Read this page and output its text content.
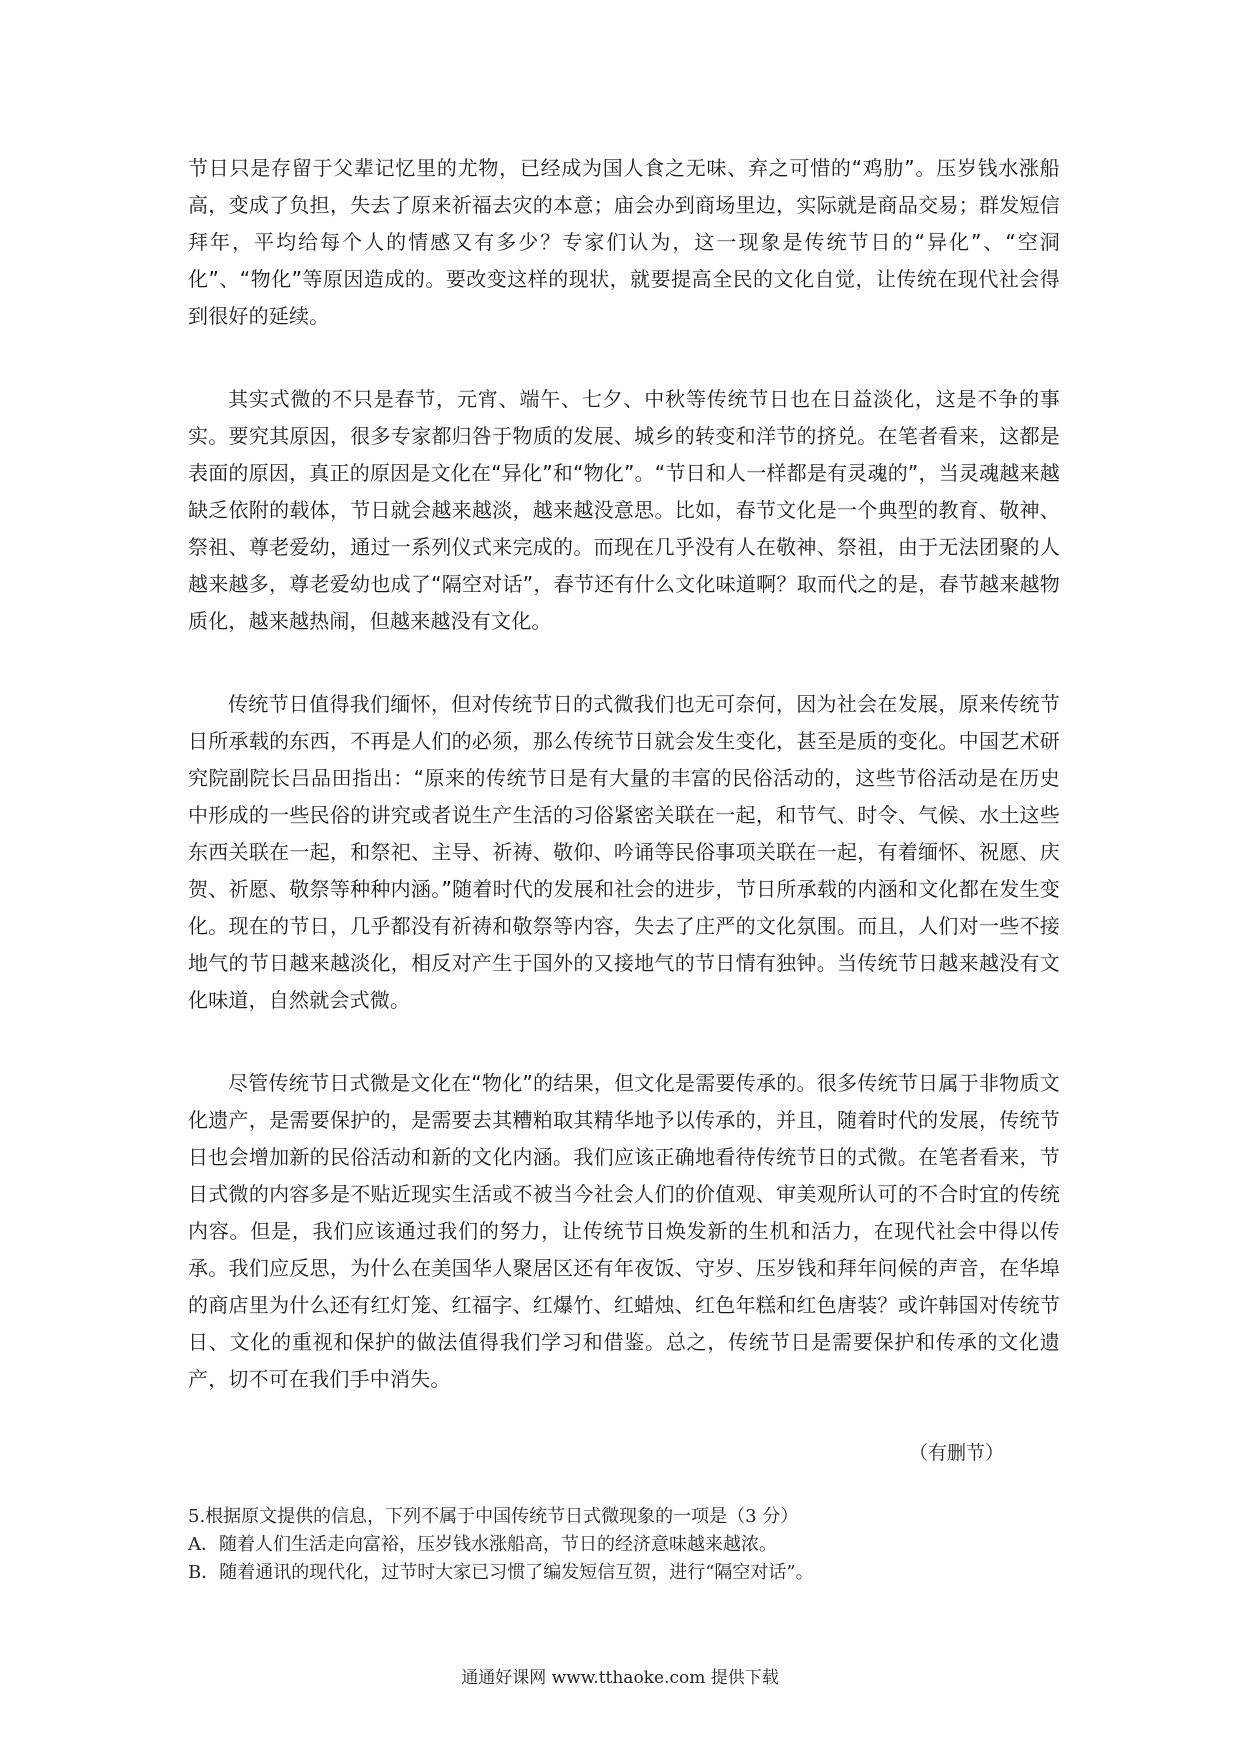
节日只是存留于父辈记忆里的尤物，已经成为国人食之无味、弃之可惜的“鸡肋”。压岁钱水涨船高，变成了负担，失去了原来祈福去灾的本意；庙会办到商场里边，实际就是商品交易；群发短信拜年，平均给每个人的情感又有多少？专家们认为，这一现象是传统节日的“异化”、“空洞化”、“物化”等原因造成的。要改变这样的现状，就要提高全民的文化自觉，让传统在现代社会得到很好的延续。

其实式微的不只是春节，元宵、端午、七夕、中秋等传统节日也在日益淡化，这是不争的事实。要究其原因，很多专家都归咎于物质的发展、城乡的转变和洋节的挤兑。在笔者看来，这都是表面的原因，真正的原因是文化在“异化”和“物化”。“节日和人一样都是有灵魂的”，当灵魂越来越缺乏依附的载体，节日就会越来越淡，越来越没意思。比如，春节文化是一个典型的教育、敬神、祭祖、尊老爱幼，通过一系列仪式来完成的。而现在几乎没有人在敬神、祭祖，由于无法团聚的人越来越多，尊老爱幼也成了“隔空对话”，春节还有什么文化味道啊？取而代之的是，春节越来越物质化，越来越热闹，但越来越没有文化。

传统节日值得我们缅怀，但对传统节日的式微我们也无可奈何，因为社会在发展，原来传统节日所承载的东西，不再是人们的必须，那么传统节日就会发生变化，甚至是质的变化。中国艺术研究院副院长吕品田指出：“原来的传统节日是有大量的丰富的民俗活动的，这些节俗活动是在历史中形成的一些民俗的讲究或者说生产生活的习俗紧密关联在一起，和节气、时令、气候、水土这些东西关联在一起，和祭祀、主导、祈祷、敬仰、吟诵等民俗事项关联在一起，有着缅怀、祝愿、庆贺、祈愿、敬祭等种种内涵。”随着时代的发展和社会的进步，节日所承载的内涵和文化都在发生变化。现在的节日，几乎都没有祈祷和敬祭等内容，失去了庄严的文化氛围。而且，人们对一些不接地气的节日越来越淡化，相反对产生于国外的又接地气的节日情有独钟。当传统节日越来越没有文化味道，自然就会式微。

尽管传统节日式微是文化在“物化”的结果，但文化是需要传承的。很多传统节日属于非物质文化遗产，是需要保护的，是需要去其糟粕取其精华地予以传承的，并且，随着时代的发展，传统节日也会增加新的民俗活动和新的文化内涵。我们应该正确地看待传统节日的式微。在笔者看来，节日式微的内容多是不贴近现实生活或不被当今社会人们的价值观、审美观所认可的不合时宜的传统内容。但是，我们应该通过我们的努力，让传统节日焕发新的生机和活力，在现代社会中得以传承。我们应反思，为什么在美国华人聚居区还有年夜饭、守岁、压岁钱和拜年问候的声音，在华埠的商店里为什么还有红灯笼、红福字、红爆竹、红蜡烛、红色年糕和红色唐装？或许韩国对传统节日、文化的重视和保护的做法值得我们学习和借鉴。总之，传统节日是需要保护和传承的文化遗产，切不可在我们手中消失。

（有删节）
5.根据原文提供的信息，下列不属于中国传统节日式微现象的一项是（3 分）
A．随着人们生活走向富裕，压岁钱水涨船高，节日的经济意味越来越浓。
B．随着通讯的现代化，过节时大家已习惯了编发短信互贺，进行“隔空对话”。
通通好课网 www.tthaoke.com 提供下载
